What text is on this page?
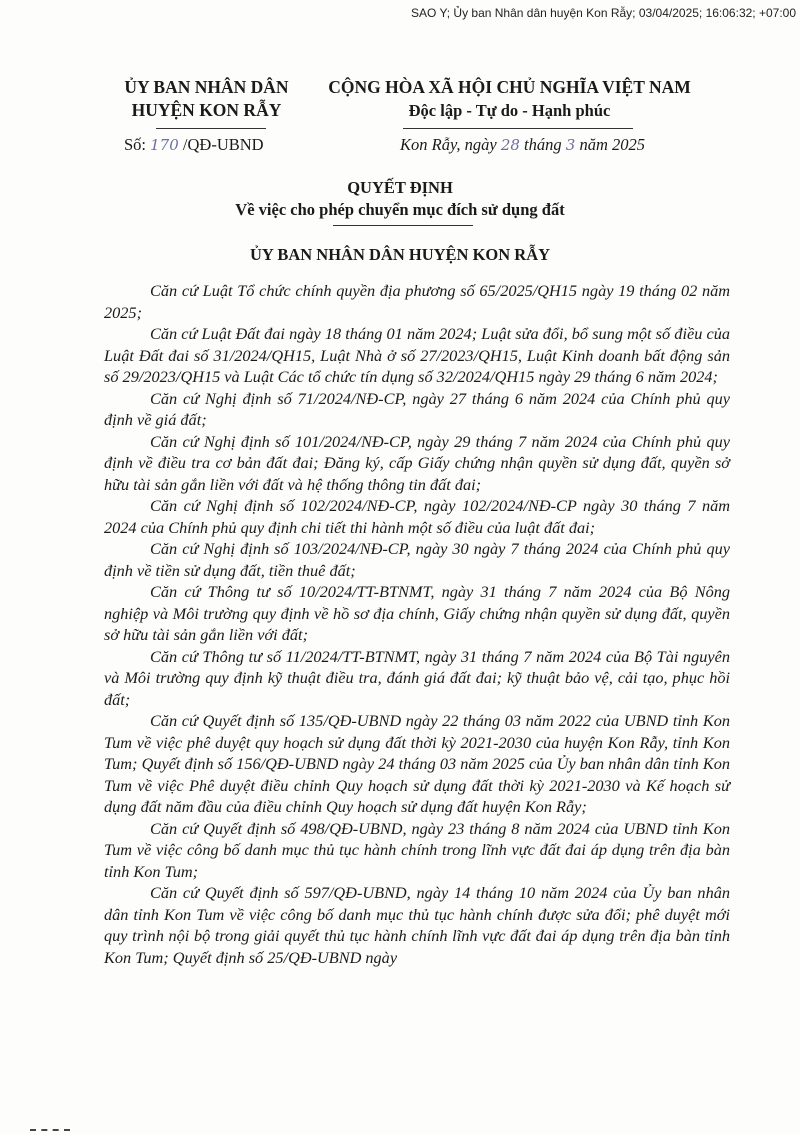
SAO Y; Ủy ban Nhân dân huyện Kon Rẫy; 03/04/2025; 16:06:32; +07:00
ỦY BAN NHÂN DÂN
HUYỆN KON RẪY
CỘNG HÒA XÃ HỘI CHỦ NGHĨA VIỆT NAM
Độc lập - Tự do - Hạnh phúc
Số: 170 /QĐ-UBND	Kon Rẫy, ngày 28 tháng 3 năm 2025
QUYẾT ĐỊNH
Về việc cho phép chuyển mục đích sử dụng đất
ỦY BAN NHÂN DÂN HUYỆN KON RẪY

Căn cứ Luật Tổ chức chính quyền địa phương số 65/2025/QH15 ngày 19 tháng 02 năm 2025;

Căn cứ Luật Đất đai ngày 18 tháng 01 năm 2024; Luật sửa đổi, bổ sung một số điều của Luật Đất đai số 31/2024/QH15, Luật Nhà ở số 27/2023/QH15, Luật Kinh doanh bất động sản số 29/2023/QH15 và Luật Các tổ chức tín dụng số 32/2024/QH15 ngày 29 tháng 6 năm 2024;

Căn cứ Nghị định số 71/2024/NĐ-CP, ngày 27 tháng 6 năm 2024 của Chính phủ quy định về giá đất;

Căn cứ Nghị định số 101/2024/NĐ-CP, ngày 29 tháng 7 năm 2024 của Chính phủ quy định về điều tra cơ bản đất đai; Đăng ký, cấp Giấy chứng nhận quyền sử dụng đất, quyền sở hữu tài sản gắn liền với đất và hệ thống thông tin đất đai;

Căn cứ Nghị định số 102/2024/NĐ-CP, ngày 102/2024/NĐ-CP ngày 30 tháng 7 năm 2024 của Chính phủ quy định chi tiết thi hành một số điều của luật đất đai;

Căn cứ Nghị định số 103/2024/NĐ-CP, ngày 30 ngày 7 tháng 2024 của Chính phủ quy định về tiền sử dụng đất, tiền thuê đất;

Căn cứ Thông tư số 10/2024/TT-BTNMT, ngày 31 tháng 7 năm 2024 của Bộ Nông nghiệp và Môi trường quy định về hồ sơ địa chính, Giấy chứng nhận quyền sử dụng đất, quyền sở hữu tài sản gắn liền với đất;

Căn cứ Thông tư số 11/2024/TT-BTNMT, ngày 31 tháng 7 năm 2024 của Bộ Tài nguyên và Môi trường quy định kỹ thuật điều tra, đánh giá đất đai; kỹ thuật bảo vệ, cải tạo, phục hồi đất;

Căn cứ Quyết định số 135/QĐ-UBND ngày 22 tháng 03 năm 2022 của UBND tỉnh Kon Tum về việc phê duyệt quy hoạch sử dụng đất thời kỳ 2021-2030 của huyện Kon Rẫy, tỉnh Kon Tum; Quyết định số 156/QĐ-UBND ngày 24 tháng 03 năm 2025 của Ủy ban nhân dân tỉnh Kon Tum về việc Phê duyệt điều chỉnh Quy hoạch sử dụng đất thời kỳ 2021-2030 và Kế hoạch sử dụng đất năm đầu của điều chỉnh Quy hoạch sử dụng đất huyện Kon Rẫy;

Căn cứ Quyết định số 498/QĐ-UBND, ngày 23 tháng 8 năm 2024 của UBND tỉnh Kon Tum về việc công bố danh mục thủ tục hành chính trong lĩnh vực đất đai áp dụng trên địa bàn tỉnh Kon Tum;

Căn cứ Quyết định số 597/QĐ-UBND, ngày 14 tháng 10 năm 2024 của Ủy ban nhân dân tỉnh Kon Tum về việc công bố danh mục thủ tục hành chính được sửa đổi; phê duyệt mới quy trình nội bộ trong giải quyết thủ tục hành chính lĩnh vực đất đai áp dụng trên địa bàn tỉnh Kon Tum; Quyết định số 25/QĐ-UBND ngày
